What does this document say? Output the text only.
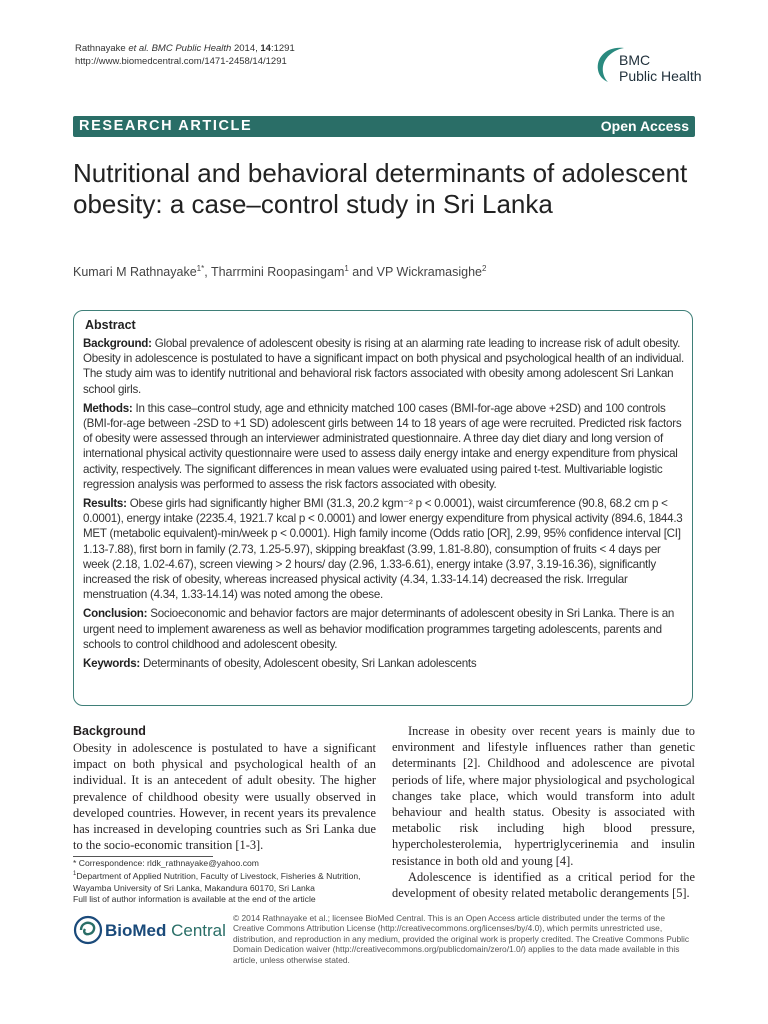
Rathnayake et al. BMC Public Health 2014, 14:1291
http://www.biomedcentral.com/1471-2458/14/1291	BMC
Public Health
RESEARCH ARTICLE	Open Access
Nutritional and behavioral determinants of adolescent obesity: a case–control study in Sri Lanka
Kumari M Rathnayake$^{1*}$, Tharrmini Roopasingam$^1$ and VP Wickramasighe$^2$
Abstract

Background: Global prevalence of adolescent obesity is rising at an alarming rate leading to increase risk of adult obesity. Obesity in adolescence is postulated to have a significant impact on both physical and psychological health of an individual. The study aim was to identify nutritional and behavioral risk factors associated with obesity among adolescent Sri Lankan school girls.

Methods: In this case–control study, age and ethnicity matched 100 cases (BMI-for-age above +2SD) and 100 controls (BMI-for-age between -2SD to +1 SD) adolescent girls between 14 to 18 years of age were recruited. Predicted risk factors of obesity were assessed through an interviewer administrated questionnaire. A three day diet diary and long version of international physical activity questionnaire were used to assess daily energy intake and energy expenditure from physical activity, respectively. The significant differences in mean values were evaluated using paired t-test. Multivariable logistic regression analysis was performed to assess the risk factors associated with obesity.

Results: Obese girls had significantly higher BMI (31.3, 20.2 kgm⁻² p < 0.0001), waist circumference (90.8, 68.2 cm p < 0.0001), energy intake (2235.4, 1921.7 kcal p < 0.0001) and lower energy expenditure from physical activity (894.6, 1844.3 MET (metabolic equivalent)-min/week p < 0.0001). High family income (Odds ratio [OR], 2.99, 95% confidence interval [CI] 1.13-7.88), first born in family (2.73, 1.25-5.97), skipping breakfast (3.99, 1.81-8.80), consumption of fruits < 4 days per week (2.18, 1.02-4.67), screen viewing > 2 hours/ day (2.96, 1.33-6.61), energy intake (3.97, 3.19-16.36), significantly increased the risk of obesity, whereas increased physical activity (4.34, 1.33-14.14) decreased the risk. Irregular menstruation (4.34, 1.33-14.14) was noted among the obese.

Conclusion: Socioeconomic and behavior factors are major determinants of adolescent obesity in Sri Lanka. There is an urgent need to implement awareness as well as behavior modification programmes targeting adolescents, parents and schools to control childhood and adolescent obesity.

Keywords: Determinants of obesity, Adolescent obesity, Sri Lankan adolescents

Background

Obesity in adolescence is postulated to have a significant impact on both physical and psychological health of an individual. It is an antecedent of adult obesity. The higher prevalence of childhood obesity were usually observed in developed countries. However, in recent years its prevalence has increased in developing countries such as Sri Lanka due to the socio-economic transition [1-3].

Increase in obesity over recent years is mainly due to environment and lifestyle influences rather than genetic determinants [2]. Childhood and adolescence are pivotal periods of life, where major physiological and psychological changes take place, which would transform into adult behaviour and health status. Obesity is associated with metabolic risk including high blood pressure, hypercholesterolemia, hypertriglycerinemia and insulin resistance in both old and young [4].

Adolescence is identified as a critical period for the development of obesity related metabolic derangements [5].

* Correspondence: rldk_rathnayake@yahoo.com
$^1$Department of Applied Nutrition, Faculty of Livestock, Fisheries & Nutrition,
Wayamba University of Sri Lanka, Makandura 60170, Sri Lanka
Full list of author information is available at the end of the article
BioMed Central
© 2014 Rathnayake et al.; licensee BioMed Central. This is an Open Access article distributed under the terms of the Creative Commons Attribution License (http://creativecommons.org/licenses/by/4.0), which permits unrestricted use, distribution, and reproduction in any medium, provided the original work is properly credited. The Creative Commons Public Domain Dedication waiver (http://creativecommons.org/publicdomain/zero/1.0/) applies to the data made available in this article, unless otherwise stated.
